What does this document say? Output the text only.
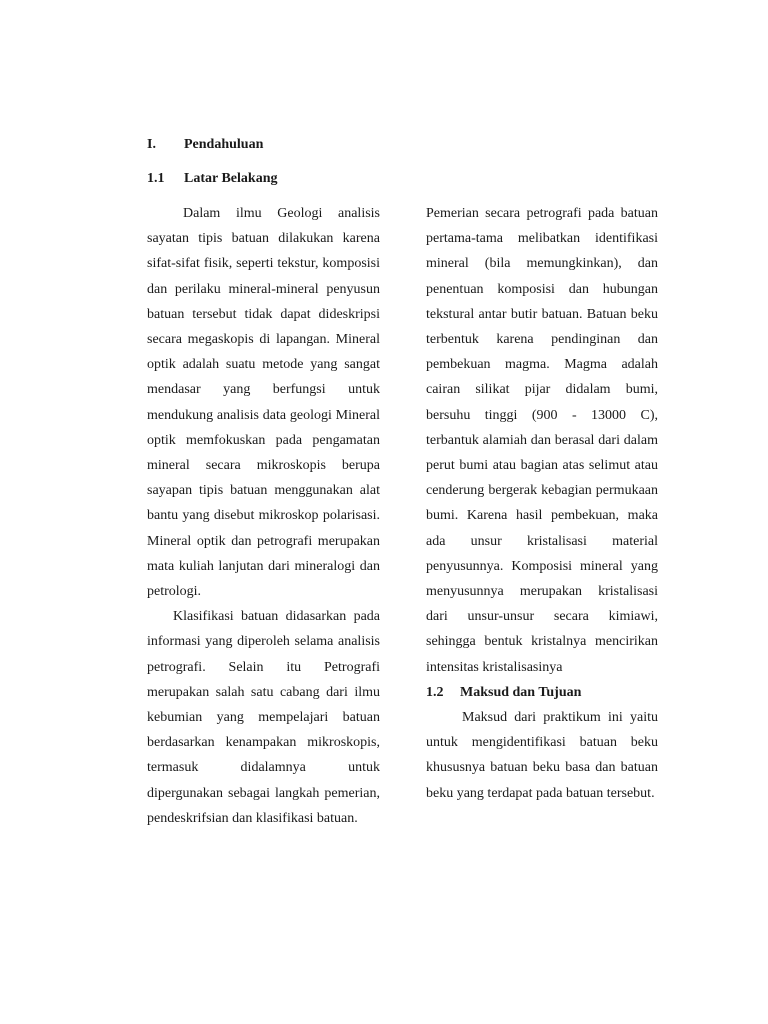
I. Pendahuluan
1.1 Latar Belakang

Dalam ilmu Geologi analisis sayatan tipis batuan dilakukan karena sifat-sifat fisik, seperti tekstur, komposisi dan perilaku mineral-mineral penyusun batuan tersebut tidak dapat dideskripsi secara megaskopis di lapangan. Mineral optik adalah suatu metode yang sangat mendasar yang berfungsi untuk mendukung analisis data geologi Mineral optik memfokuskan pada pengamatan mineral secara mikroskopis berupa sayapan tipis batuan menggunakan alat bantu yang disebut mikroskop polarisasi. Mineral optik dan petrografi merupakan mata kuliah lanjutan dari mineralogi dan petrologi.

Klasifikasi batuan didasarkan pada informasi yang diperoleh selama analisis petrografi. Selain itu Petrografi merupakan salah satu cabang dari ilmu kebumian yang mempelajari batuan berdasarkan kenampakan mikroskopis, termasuk didalamnya untuk dipergunakan sebagai langkah pemerian, pendeskrifsian dan klasifikasi batuan.

Pemerian secara petrografi pada batuan pertama-tama melibatkan identifikasi mineral (bila memungkinkan), dan penentuan komposisi dan hubungan tekstural antar butir batuan. Batuan beku terbentuk karena pendinginan dan pembekuan magma. Magma adalah cairan silikat pijar didalam bumi, bersuhu tinggi (900 - 13000 C), terbantuk alamiah dan berasal dari dalam perut bumi atau bagian atas selimut atau cenderung bergerak kebagian permukaan bumi. Karena hasil pembekuan, maka ada unsur kristalisasi material penyusunnya. Komposisi mineral yang menyusunnya merupakan kristalisasi dari unsur-unsur secara kimiawi, sehingga bentuk kristalnya mencirikan intensitas kristalisasinya

1.2 Maksud dan Tujuan

Maksud dari praktikum ini yaitu untuk mengidentifikasi batuan beku khususnya batuan beku basa dan batuan beku yang terdapat pada batuan tersebut.
